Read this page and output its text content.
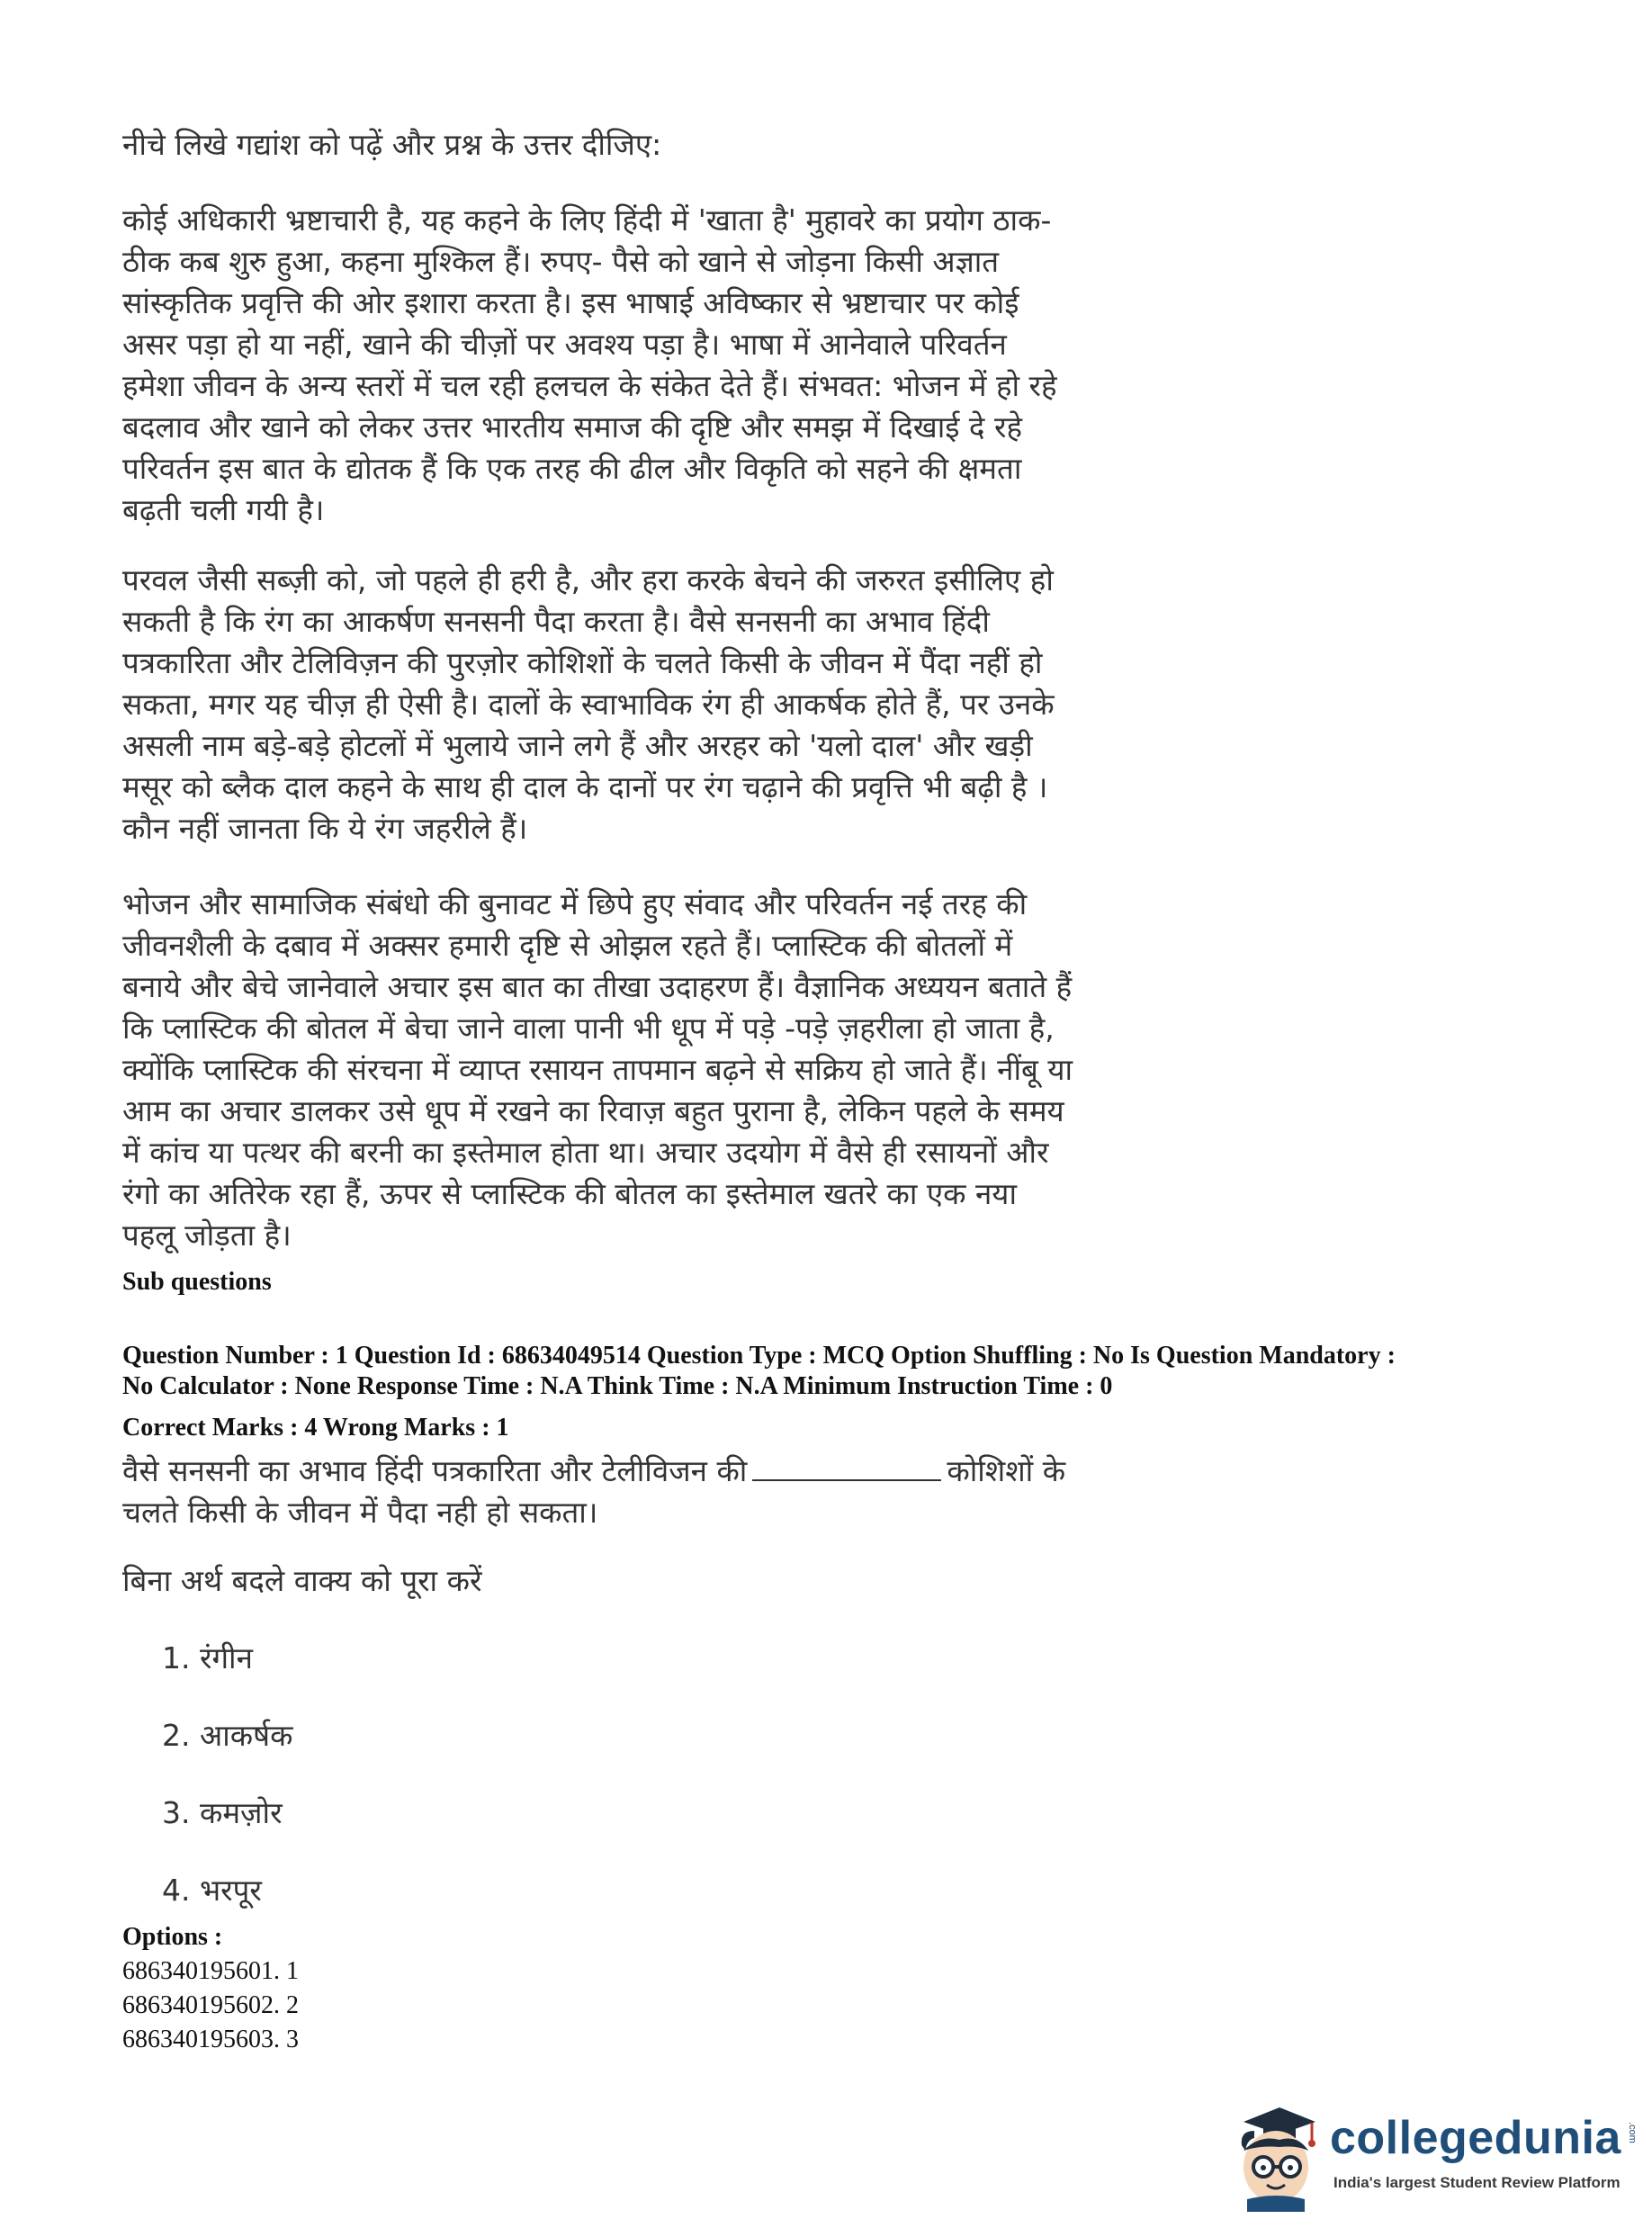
नीचे लिखे गद्यांश को पढ़ें और प्रश्न के उत्तर दीजिए:

कोई अधिकारी भ्रष्टाचारी है, यह कहने के लिए हिंदी में 'खाता है' मुहावरे का प्रयोग ठाक-
ठीक कब शुरु हुआ, कहना मुश्किल हैं। रुपए- पैसे को खाने से जोड़ना किसी अज्ञात
सांस्कृतिक प्रवृत्ति की ओर इशारा करता है। इस भाषाई अविष्कार से भ्रष्टाचार पर कोई
असर पड़ा हो या नहीं, खाने की चीज़ों पर अवश्य पड़ा है। भाषा में आनेवाले परिवर्तन
हमेशा जीवन के अन्य स्तरों में चल रही हलचल के संकेत देते हैं। संभवत: भोजन में हो रहे
बदलाव और खाने को लेकर उत्तर भारतीय समाज की दृष्टि और समझ में दिखाई दे रहे
परिवर्तन इस बात के द्योतक हैं कि एक तरह की ढील और विकृति को सहने की क्षमता
बढ़ती चली गयी है।

परवल जैसी सब्ज़ी को, जो पहले ही हरी है, और हरा करके बेचने की जरुरत इसीलिए हो
सकती है कि रंग का आकर्षण सनसनी पैदा करता है। वैसे सनसनी का अभाव हिंदी
पत्रकारिता और टेलिविज़न की पुरज़ोर कोशिशों के चलते किसी के जीवन में पैंदा नहीं हो
सकता, मगर यह चीज़ ही ऐसी है। दालों के स्वाभाविक रंग ही आकर्षक होते हैं, पर उनके
असली नाम बड़े-बड़े होटलों में भुलाये जाने लगे हैं और अरहर को 'यलो दाल' और खड़ी
मसूर को ब्लैक दाल कहने के साथ ही दाल के दानों पर रंग चढ़ाने की प्रवृत्ति भी बढ़ी है ।
कौन नहीं जानता कि ये रंग जहरीले हैं।

भोजन और सामाजिक संबंधो की बुनावट में छिपे हुए संवाद और परिवर्तन नई तरह की
जीवनशैली के दबाव में अक्सर हमारी दृष्टि से ओझल रहते हैं। प्लास्टिक की बोतलों में
बनाये और बेचे जानेवाले अचार इस बात का तीखा उदाहरण हैं। वैज्ञानिक अध्ययन बताते हैं
कि प्लास्टिक की बोतल में बेचा जाने वाला पानी भी धूप में पड़े -पड़े ज़हरीला हो जाता है,
क्योंकि प्लास्टिक की संरचना में व्याप्त रसायन तापमान बढ़ने से सक्रिय हो जाते हैं। नींबू या
आम का अचार डालकर उसे धूप में रखने का रिवाज़ बहुत पुराना है, लेकिन पहले के समय
में कांच या पत्थर की बरनी का इस्तेमाल होता था। अचार उदयोग में वैसे ही रसायनों और
रंगो का अतिरेक रहा हैं, ऊपर से प्लास्टिक की बोतल का इस्तेमाल खतरे का एक नया
पहलू जोड़ता है।

Sub questions

Question Number : 1 Question Id : 68634049514 Question Type : MCQ Option Shuffling : No Is Question Mandatory :
No Calculator : None Response Time : N.A Think Time : N.A Minimum Instruction Time : 0

Correct Marks : 4 Wrong Marks : 1

वैसे सनसनी का अभाव हिंदी पत्रकारिता और टेलीविजन की	कोशिशों के
चलते किसी के जीवन में पैदा नही हो सकता।

बिना अर्थ बदले वाक्य को पूरा करें

1. रंगीन
2. आकर्षक
3. कमज़ोर
4. भरपूर

Options :

686340195601. 1
686340195602. 2
686340195603. 3
collegedunia .com
India's largest Student Review Platform
